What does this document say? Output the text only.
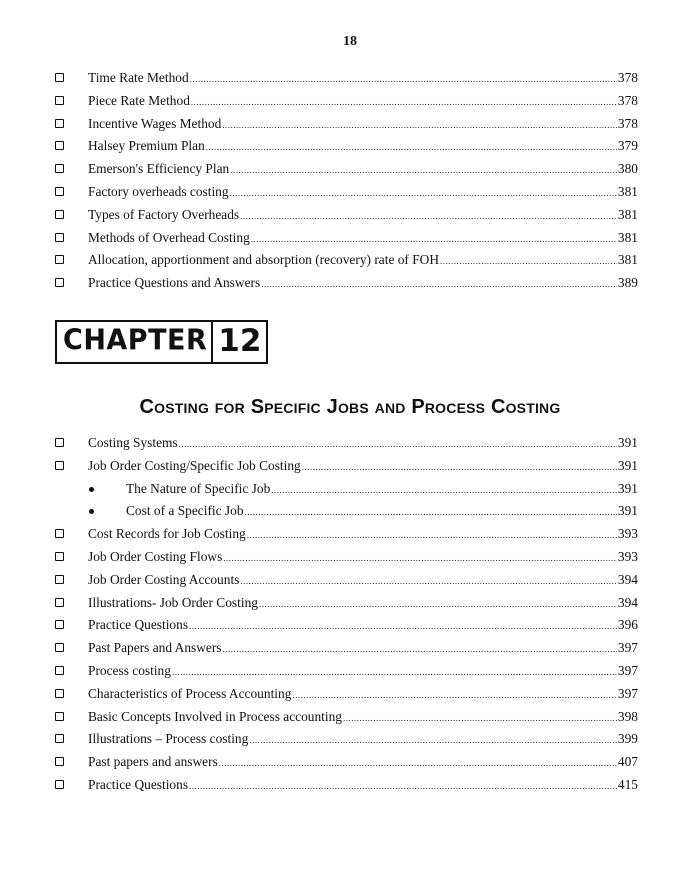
18
Time Rate Method .....	378
Piece Rate Method .....	378
Incentive Wages Method .....	378
Halsey Premium Plan .....	379
Emerson's Efficiency Plan .....	380
Factory overheads costing .....	381
Types of Factory Overheads .....	381
Methods of Overhead Costing .....	381
Allocation, apportionment and absorption (recovery) rate of FOH .....	381
Practice Questions and Answers .....	389
CHAPTER 12
Costing for Specific Jobs and Process Costing
Costing Systems .....	391
Job Order Costing/Specific Job Costing .....	391
The Nature of Specific Job .....	391
Cost of a Specific Job .....	391
Cost Records for Job Costing .....	393
Job Order Costing Flows .....	393
Job Order Costing Accounts .....	394
Illustrations- Job Order Costing .....	394
Practice Questions .....	396
Past Papers and Answers .....	397
Process costing .....	397
Characteristics of Process Accounting .....	397
Basic Concepts Involved in Process accounting .....	398
Illustrations – Process costing .....	399
Past papers and answers .....	407
Practice Questions .....	415
